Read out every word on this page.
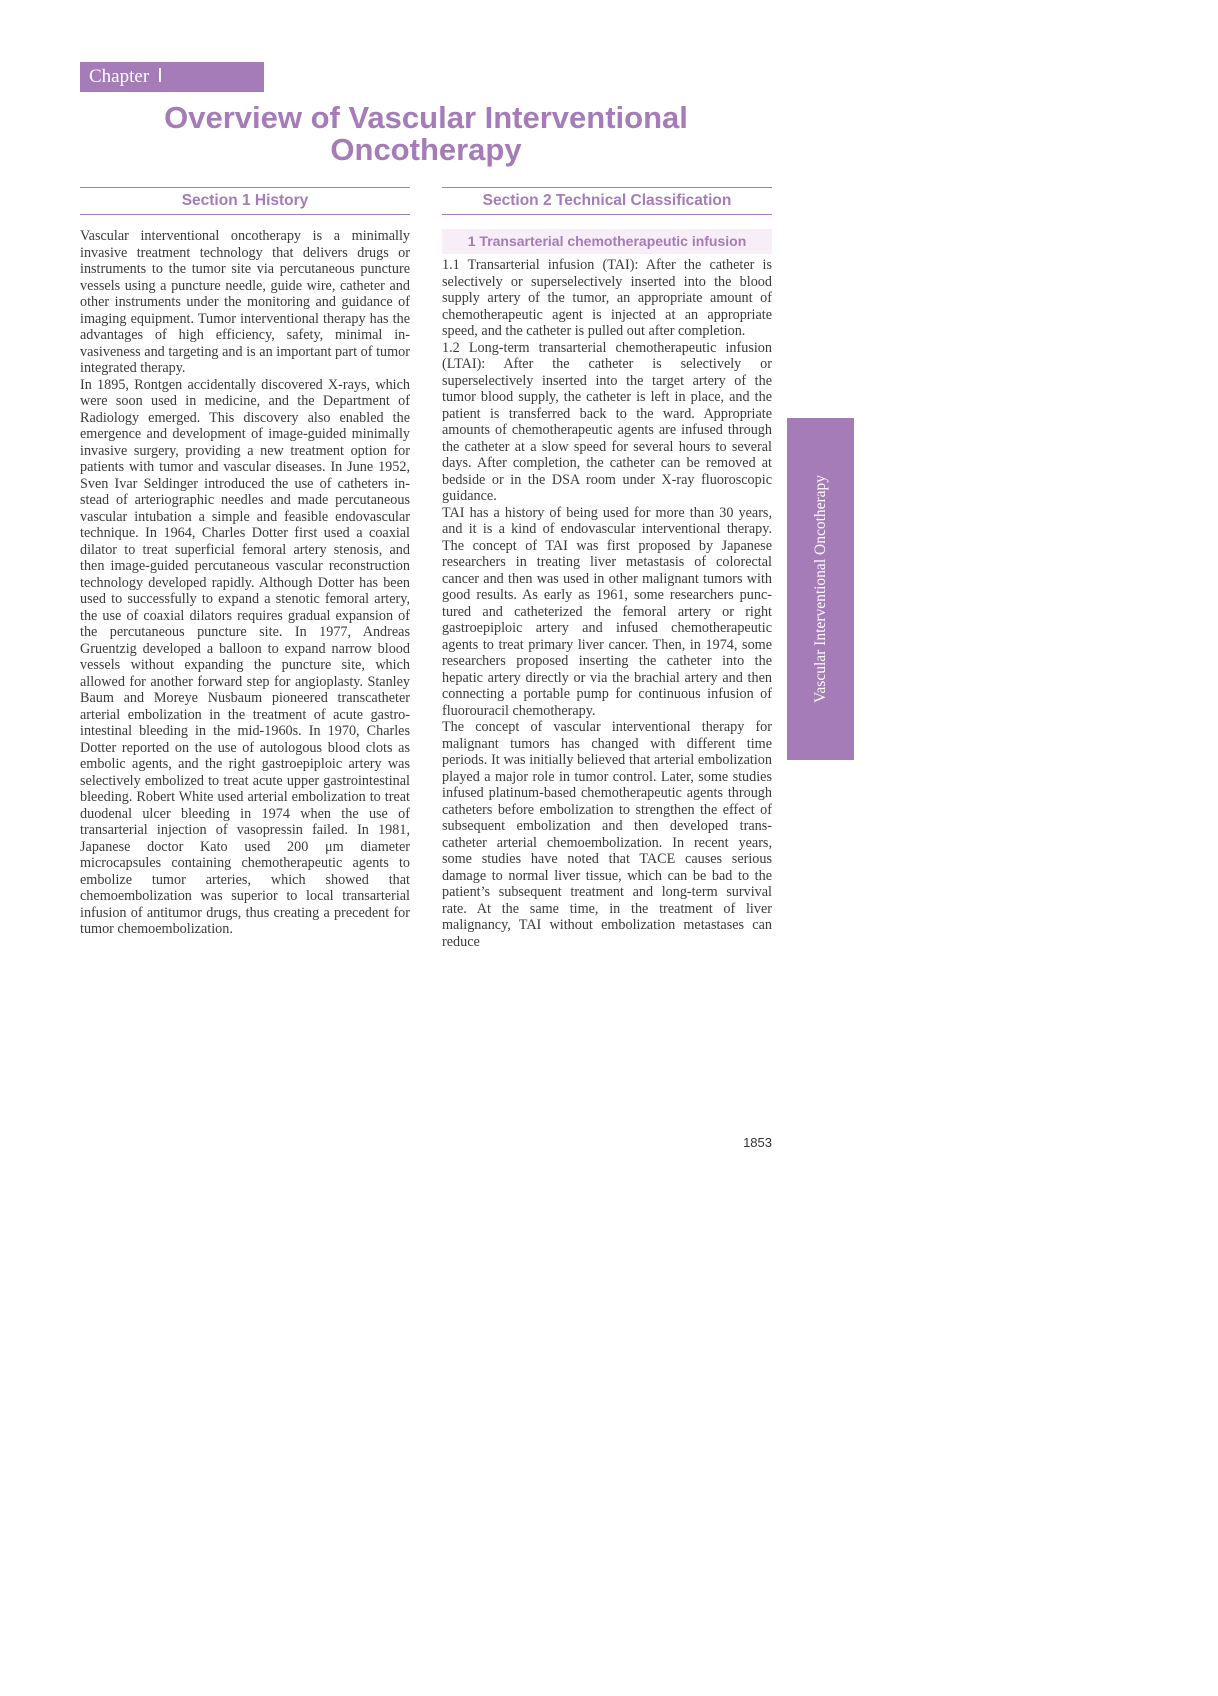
Chapter Ⅰ
Overview of Vascular Interventional
Oncotherapy
Section 1 History

Vascular interventional oncotherapy is a minimally invasive treatment technology that delivers drugs or instruments to the tumor site via percutaneous puncture vessels using a puncture needle, guide wire, catheter and other instruments under the monitoring and guidance of imaging equipment. Tumor interventional therapy has the advantages of high efficiency, safety, minimal invasiveness and targeting and is an important part of tumor integrated therapy.

In 1895, Rontgen accidentally discovered X-rays, which were soon used in medicine, and the Department of Radiology emerged. This discovery also enabled the emergence and development of image-guided minimally invasive surgery, providing a new treatment option for patients with tumor and vascular diseases. In June 1952, Sven Ivar Seldinger introduced the use of catheters instead of arteriographic needles and made percutaneous vascular intubation a simple and feasible endovascular technique. In 1964, Charles Dotter first used a coaxial dilator to treat superficial femoral artery stenosis, and then image-guided percutaneous vascular reconstruction technology developed rapidly. Although Dotter has been used to successfully to expand a stenotic femoral artery, the use of coaxial dilators requires gradual expansion of the percutaneous puncture site. In 1977, Andreas Gruentzig developed a balloon to expand narrow blood vessels without expanding the puncture site, which allowed for another forward step for angioplasty. Stanley Baum and Moreye Nusbaum pioneered transcatheter arterial embolization in the treatment of acute gastrointestinal bleeding in the mid-1960s. In 1970, Charles Dotter reported on the use of autologous blood clots as embolic agents, and the right gastroepiploic artery was selectively embolized to treat acute upper gastrointestinal bleeding. Robert White used arterial embolization to treat duodenal ulcer bleeding in 1974 when the use of transarterial injection of vasopressin failed. In 1981, Japanese doctor Kato used 200 μm diameter microcapsules containing chemotherapeutic agents to embolize tumor arteries, which showed that chemoembolization was superior to local transarterial infusion of antitumor drugs, thus creating a precedent for tumor chemoembolization.

Section 2 Technical Classification
1 Transarterial chemotherapeutic infusion

1.1 Transarterial infusion (TAI): After the catheter is selectively or superselectively inserted into the blood supply artery of the tumor, an appropriate amount of chemotherapeutic agent is injected at an appropriate speed, and the catheter is pulled out after completion.

1.2 Long-term transarterial chemotherapeutic infusion (LTAI): After the catheter is selectively or superselectively inserted into the target artery of the tumor blood supply, the catheter is left in place, and the patient is transferred back to the ward. Appropriate amounts of chemotherapeutic agents are infused through the catheter at a slow speed for several hours to several days. After completion, the catheter can be removed at bedside or in the DSA room under X-ray fluoroscopic guidance.

TAI has a history of being used for more than 30 years, and it is a kind of endovascular interventional therapy. The concept of TAI was first proposed by Japanese researchers in treating liver metastasis of colorectal cancer and then was used in other malignant tumors with good results. As early as 1961, some researchers punctured and catheterized the femoral artery or right gastroepiploic artery and infused chemotherapeutic agents to treat primary liver cancer. Then, in 1974, some researchers proposed inserting the catheter into the hepatic artery directly or via the brachial artery and then connecting a portable pump for continuous infusion of fluorouracil chemotherapy.

The concept of vascular interventional therapy for malignant tumors has changed with different time periods. It was initially believed that arterial embolization played a major role in tumor control. Later, some studies infused platinum-based chemotherapeutic agents through catheters before embolization to strengthen the effect of subsequent embolization and then developed transcatheter arterial chemoembolization. In recent years, some studies have noted that TACE causes serious damage to normal liver tissue, which can be bad to the patient’s subsequent treatment and long-term survival rate. At the same time, in the treatment of liver malignancy, TAI without embolization metastases can reduce

Vascular Interventional Oncotherapy
1853
